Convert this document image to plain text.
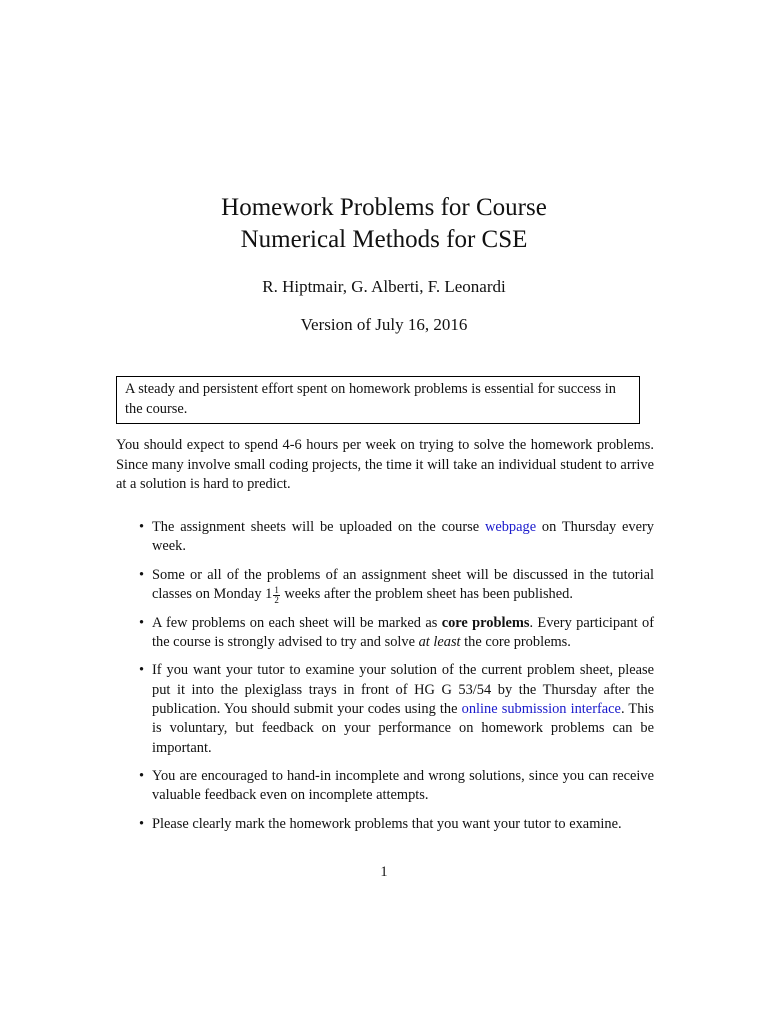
Homework Problems for Course
Numerical Methods for CSE
R. Hiptmair, G. Alberti, F. Leonardi
Version of July 16, 2016
A steady and persistent effort spent on homework problems is essential for success in the course.
You should expect to spend 4-6 hours per week on trying to solve the homework problems. Since many involve small coding projects, the time it will take an individual student to arrive at a solution is hard to predict.
• The assignment sheets will be uploaded on the course webpage on Thursday every week.
• Some or all of the problems of an assignment sheet will be discussed in the tutorial classes on Monday $1 \frac{1}{2}$ weeks after the problem sheet has been published.
• A few problems on each sheet will be marked as core problems. Every participant of the course is strongly advised to try and solve at least the core problems.
• If you want your tutor to examine your solution of the current problem sheet, please put it into the plexiglass trays in front of HG G 53/54 by the Thursday after the publication. You should submit your codes using the online submission interface. This is voluntary, but feedback on your performance on homework problems can be important.
• You are encouraged to hand-in incomplete and wrong solutions, since you can receive valuable feedback even on incomplete attempts.
• Please clearly mark the homework problems that you want your tutor to examine.
1
